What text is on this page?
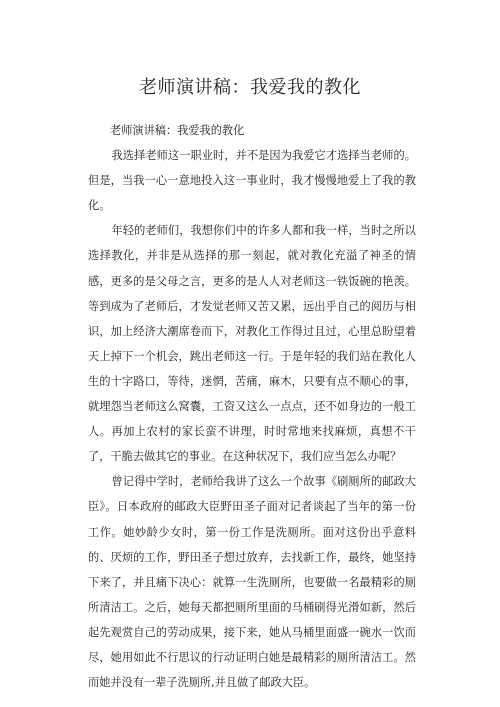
老师演讲稿：我爱我的教化

老师演讲稿：我爱我的教化

我选择老师这一职业时，并不是因为我爱它才选择当老师的。但是，当我一心一意地投入这一事业时，我才慢慢地爱上了我的教化。

年轻的老师们，我想你们中的许多人都和我一样，当时之所以选择教化，并非是从选择的那一刻起，就对教化充溢了神圣的情感，更多的是父母之言，更多的是人人对老师这一铁饭碗的艳羡。等到成为了老师后，才发觉老师又苦又累，远出乎自己的阅历与相识，加上经济大潮席卷而下，对教化工作得过且过，心里总盼望着天上掉下一个机会，跳出老师这一行。于是年轻的我们站在教化人生的十字路口，等待，迷惘，苦痛，麻木，只要有点不顺心的事，就埋怨当老师这么窝囊，工资又这么一点点，还不如身边的一般工人。再加上农村的家长蛮不讲理，时时常地来找麻烦，真想不干了，干脆去做其它的事业。在这种状况下，我们应当怎么办呢？

曾记得中学时，老师给我讲了这么一个故事《刷厕所的邮政大臣》。日本政府的邮政大臣野田圣子面对记者谈起了当年的第一份工作。她妙龄少女时，第一份工作是洗厕所。面对这份出乎意料的、厌烦的工作，野田圣子想过放弃，去找新工作，最终，她坚持下来了，并且痛下决心：就算一生洗厕所，也要做一名最精彩的厕所清洁工。之后，她每天都把厕所里面的马桶刷得光滑如新，然后起先观赏自己的劳动成果，接下来，她从马桶里面盛一碗水一饮而尽，她用如此不行思议的行动证明白她是最精彩的厕所清洁工。然而她并没有一辈子洗厕所,并且做了邮政大臣。
